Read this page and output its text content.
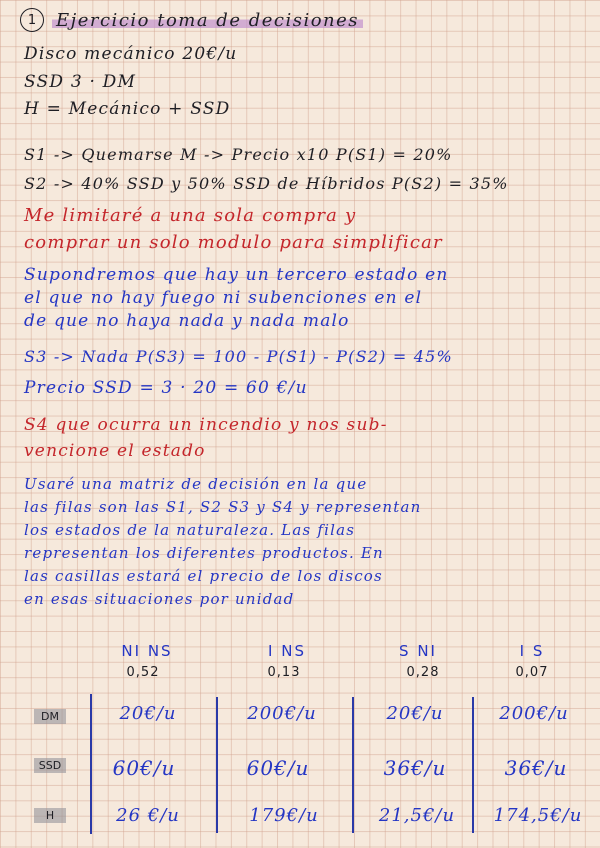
1	Ejercicio toma de decisiones
Disco mecánico 20€/u
SSD 3 · DM
H = Mecánico + SSD
S1 -> Quemarse M -> Precio x10 P(S1) = 20%
S2 -> 40% SSD y 50% SSD de Híbridos P(S2) = 35%
Me limitaré a una sola compra y
comprar un solo modulo para simplificar
Supondremos que hay un tercero estado en
el que no hay fuego ni subenciones en el
de que no haya nada y nada malo
S3 -> Nada P(S3) = 100 - P(S1) - P(S2) = 45%
Precio SSD = 3 · 20 = 60 €/u
S4 que ocurra un incendio y nos sub-
vencione el estado
Usaré una matriz de decisión en la que
las filas son las S1, S2 S3 y S4 y representan
los estados de la naturaleza. Las filas
representan los diferentes productos. En
las casillas estará el precio de los discos
en esas situaciones por unidad
NI NS	I NS	S NI	I S
0,52	0,13	0,28	0,07
DM	20€/u	200€/u	20€/u	200€/u
SSD	60€/u	60€/u	36€/u	36€/u
H	26 €/u	179€/u	21,5€/u	174,5€/u
